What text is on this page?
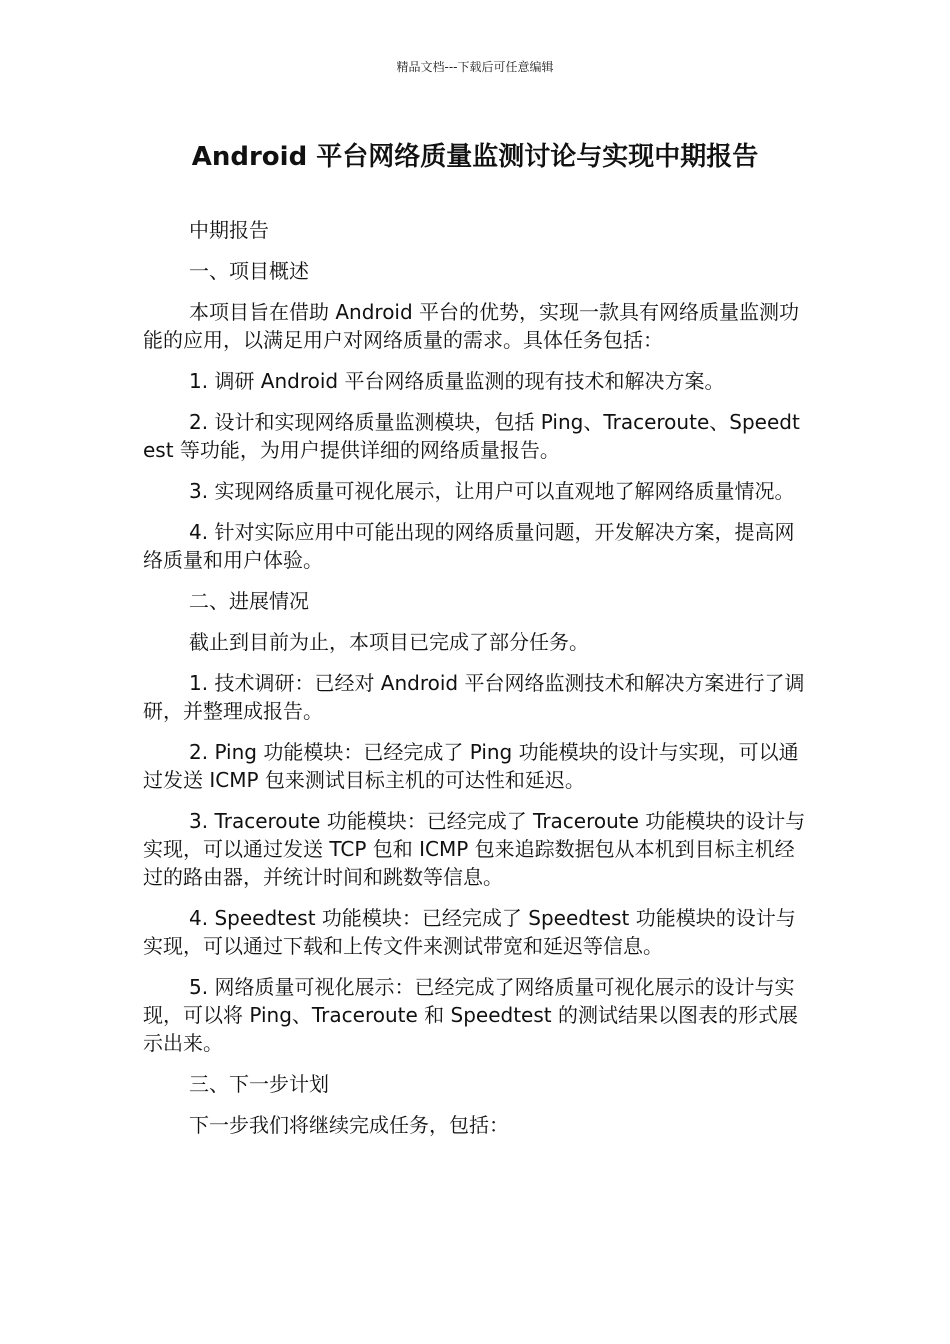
精品文档---下载后可任意编辑
Android 平台网络质量监测讨论与实现中期报告

中期报告

一、项目概述

本项目旨在借助 Android 平台的优势，实现一款具有网络质量监测功能的应用，以满足用户对网络质量的需求。具体任务包括：

1. 调研 Android 平台网络质量监测的现有技术和解决方案。

2. 设计和实现网络质量监测模块，包括 Ping、Traceroute、Speedtest 等功能，为用户提供详细的网络质量报告。

3. 实现网络质量可视化展示，让用户可以直观地了解网络质量情况。

4. 针对实际应用中可能出现的网络质量问题，开发解决方案，提高网络质量和用户体验。

二、进展情况

截止到目前为止，本项目已完成了部分任务。

1. 技术调研：已经对 Android 平台网络监测技术和解决方案进行了调研，并整理成报告。

2. Ping 功能模块：已经完成了 Ping 功能模块的设计与实现，可以通过发送 ICMP 包来测试目标主机的可达性和延迟。

3. Traceroute 功能模块：已经完成了 Traceroute 功能模块的设计与实现，可以通过发送 TCP 包和 ICMP 包来追踪数据包从本机到目标主机经过的路由器，并统计时间和跳数等信息。

4. Speedtest 功能模块：已经完成了 Speedtest 功能模块的设计与实现，可以通过下载和上传文件来测试带宽和延迟等信息。

5. 网络质量可视化展示：已经完成了网络质量可视化展示的设计与实现，可以将 Ping、Traceroute 和 Speedtest 的测试结果以图表的形式展示出来。

三、下一步计划

下一步我们将继续完成任务，包括：
